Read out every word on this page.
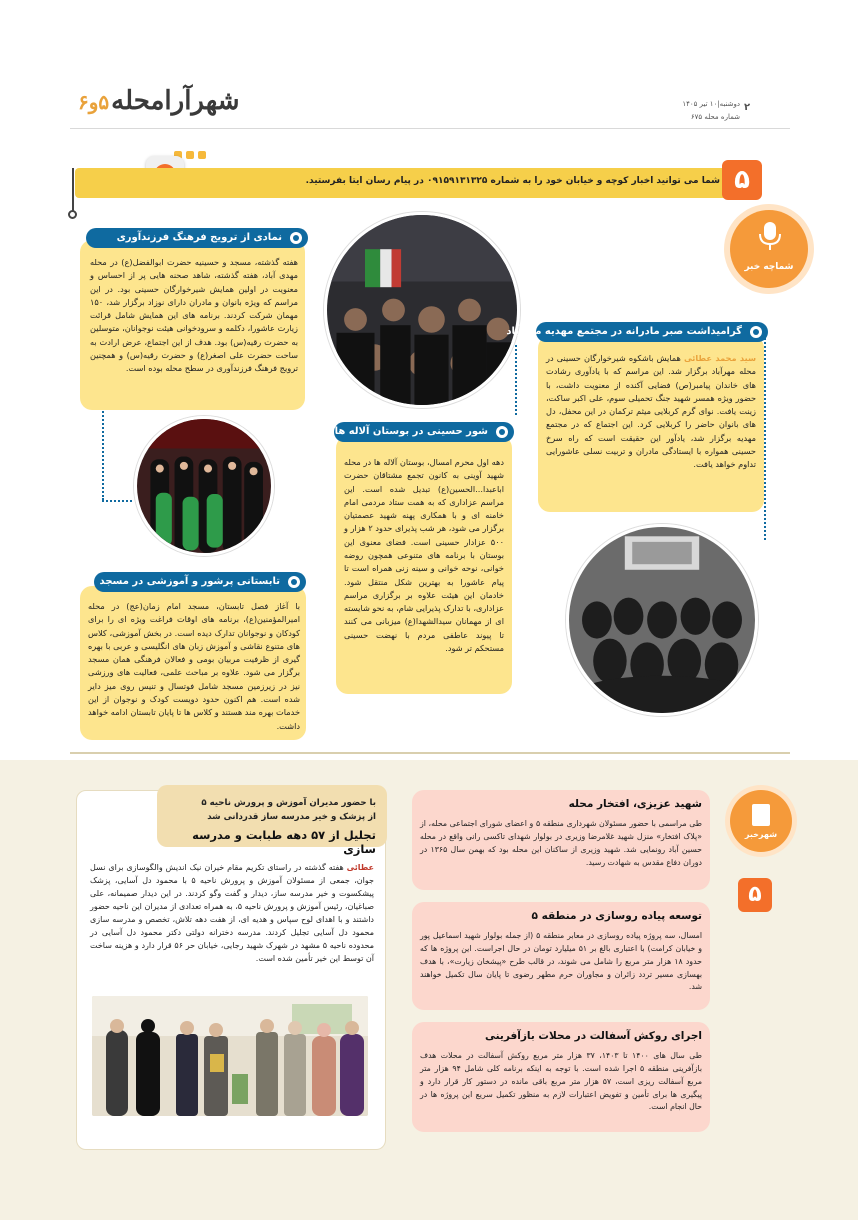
شهرآرامحله۵و۶	۲
دوشنبه|۱۰ تیر ۱۴۰۵
شماره محله ۶۷۵
شما می توانید اخبار کوچه و خیابان خود را به شماره ۰۹۱۵۹۱۳۱۳۲۵ در پیام رسان ایتا بفرستید. ۵
شماچه خبر
نمادی از ترویج فرهنگ فرزندآوری
هفته گذشته، مسجد و حسینیه حضرت ابوالفضل(ع) در محله مهدی آباد، هفته گذشته، شاهد صحنه هایی پر از احساس و معنویت در اولین همایش شیرخوارگان حسینی بود. در این مراسم که ویژه بانوان و مادران دارای نوزاد برگزار شد، ۱۵۰ مهمان شرکت کردند. برنامه های این همایش شامل قرائت زیارت عاشورا، دکلمه و سرودخوانی هیئت نوجوانان، متوسلین به حضرت رقیه(س) بود. هدف از این اجتماع، عرض ارادت به ساحت حضرت علی اصغر(ع) و حضرت رقیه(س) و همچنین ترویج فرهنگ فرزندآوری در سطح محله بوده است.
گرامیداشت صبر مادرانه در مجتمع مهدیه مهرآباد
سید محمد عطائی همایش باشکوه شیرخوارگان حسینی در محله مهرآباد برگزار شد. این مراسم که با یادآوری رشادت های خاندان پیامبر(ص) فضایی آکنده از معنویت داشت، با حضور ویژه همسر شهید جنگ تحمیلی سوم، علی اکبر ساکت، زینت یافت. نوای گرم کربلایی میثم ترکمان در این محفل، دل های بانوان حاضر را کربلایی کرد. این اجتماع که در مجتمع مهدیه برگزار شد، یادآور این حقیقت است که راه سرخ حسینی همواره با ایستادگی مادران و تربیت نسلی عاشورایی تداوم خواهد یافت.
شور حسینی در بوستان آلاله ها
دهه اول محرم امسال، بوستان آلاله ها در محله شهید آوینی به کانون تجمع مشتاقان حضرت اباعبدا...الحسین(ع) تبدیل شده است. این مراسم عزاداری که به همت ستاد مردمی امام خامنه ای و با همکاری پهنه شهید عصمتیان برگزار می شود، هر شب پذیرای حدود ۲ هزار و ۵۰۰ عزادار حسینی است. فضای معنوی این بوستان با برنامه های متنوعی همچون روضه خوانی، نوحه خوانی و سینه زنی همراه است تا پیام عاشورا به بهترین شکل منتقل شود. خادمان این هیئت علاوه بر برگزاری مراسم عزاداری، با تدارک پذیرایی شام، به نحو شایسته ای از مهمانان سیدالشهدا(ع) میزبانی می کنند تا پیوند عاطفی مردم با نهضت حسینی مستحکم تر شود.
تابستانی پرشور و آموزشی در مسجد
با آغاز فصل تابستان، مسجد امام زمان(عج) در محله امیرالمؤمنین(ع)، برنامه های اوقات فراغت ویژه ای را برای کودکان و نوجوانان تدارک دیده است. در بخش آموزشی، کلاس های متنوع نقاشی و آموزش زبان های انگلیسی و عربی با بهره گیری از ظرفیت مربیان بومی و فعالان فرهنگی همان مسجد برگزار می شود. علاوه بر مباحث علمی، فعالیت های ورزشی نیز در زیرزمین مسجد شامل فوتسال و تنیس روی میز دایر شده است. هم اکنون حدود دویست کودک و نوجوان از این خدمات بهره مند هستند و کلاس ها تا پایان تابستان ادامه خواهد داشت.
با حضور مدیران آموزش و پرورش ناحیه ۵
از پزشک و خیر مدرسه ساز قدردانی شد
تجلیل از ۵۷ دهه طبابت و مدرسه سازی
عطائی هفته گذشته در راستای تکریم مقام خیران نیک اندیش والگوسازی برای نسل جوان، جمعی از مسئولان آموزش و پرورش ناحیه ۵ با محمود دل آسایی، پزشک پیشکسوت و خیر مدرسه ساز، دیدار و گفت وگو کردند. در این دیدار صمیمانه، علی صباغیان، رئیس آموزش و پرورش ناحیه ۵، به همراه تعدادی از مدیران این ناحیه حضور داشتند و با اهدای لوح سپاس و هدیه ای، از هفت دهه تلاش، تخصص و مدرسه سازی محمود دل آسایی تجلیل کردند. مدرسه دخترانه دولتی دکتر محمود دل آسایی در محدوده ناحیه ۵ مشهد در شهرک شهید رجایی، خیابان حر ۵۶ قرار دارد و هزینه ساخت آن توسط این خیر تأمین شده است.
شهرخبر
۵
شهید عزیزی، افتخار محله
طی مراسمی با حضور مسئولان شهرداری منطقه ۵ و اعضای شورای اجتماعی محله، از «پلاک افتخار» منزل شهید غلامرضا وزیری در بولوار شهدای تاکسی رانی واقع در محله حسین آباد رونمایی شد. شهید وزیری از ساکنان این محله بود که بهمن سال ۱۳۶۵ در دوران دفاع مقدس به شهادت رسید.
توسعه پیاده روسازی در منطقه ۵
امسال، سه پروژه پیاده روسازی در معابر منطقه ۵ (از جمله بولوار شهید اسماعیل پور و خیابان کرامت) با اعتباری بالغ بر ۵۱ میلیارد تومان در حال اجراست. این پروژه ها که حدود ۱۸ هزار متر مربع را شامل می شوند، در قالب طرح «پیشخان زیارت»، با هدف بهسازی مسیر تردد زائران و مجاوران حرم مطهر رضوی تا پایان سال تکمیل خواهند شد.
اجرای روکش آسفالت در محلات بازآفرینی
طی سال های ۱۴۰۰ تا ۱۴۰۳، ۳۷ هزار متر مربع روکش آسفالت در محلات هدف بازآفرینی منطقه ۵ اجرا شده است. با توجه به اینکه برنامه کلی شامل ۹۴ هزار متر مربع آسفالت ریزی است، ۵۷ هزار متر مربع باقی مانده در دستور کار قرار دارد و پیگیری ها برای تأمین و تفویض اعتبارات لازم به منظور تکمیل سریع این پروژه ها در حال انجام است.
